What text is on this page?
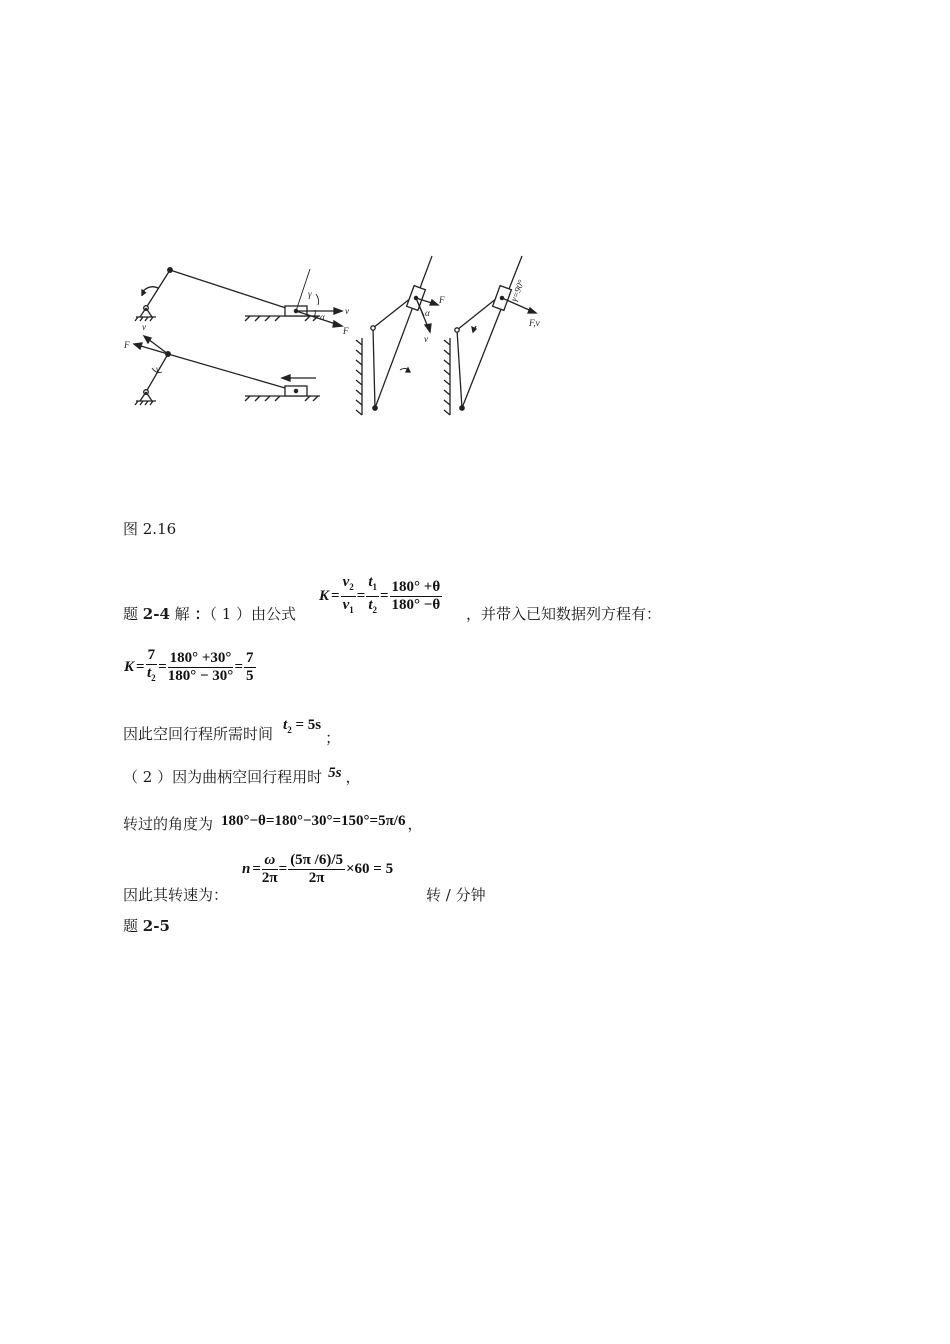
v
F
α
γ
v
F
γ
F
v
α
F,v
γ=90°
图 2.16
题 2-4 解 ：（ 1 ）由公式
$K = \frac{v_2}{v_1} = \frac{t_1}{t_2} = \frac{180^\circ +\theta}{180^\circ -\theta}$ ，并带入已知数据列方程有：
$K = \frac{7}{t_2} = \frac{180^\circ +30^\circ}{180^\circ - 30^\circ} = \frac{7}{5}$
因此空回行程所需时间 $t_2 = 5s$
；
（ 2 ）因为曲柄空回行程用时 5s ，
转过的角度为 180°−θ=180°−30°=150°=5π/6 ，
因此其转速为：
$n = \frac{\omega}{2\pi} = \frac{(5\pi /6)/5}{2\pi} \times 60 = 5$
转 / 分钟
题 2-5
